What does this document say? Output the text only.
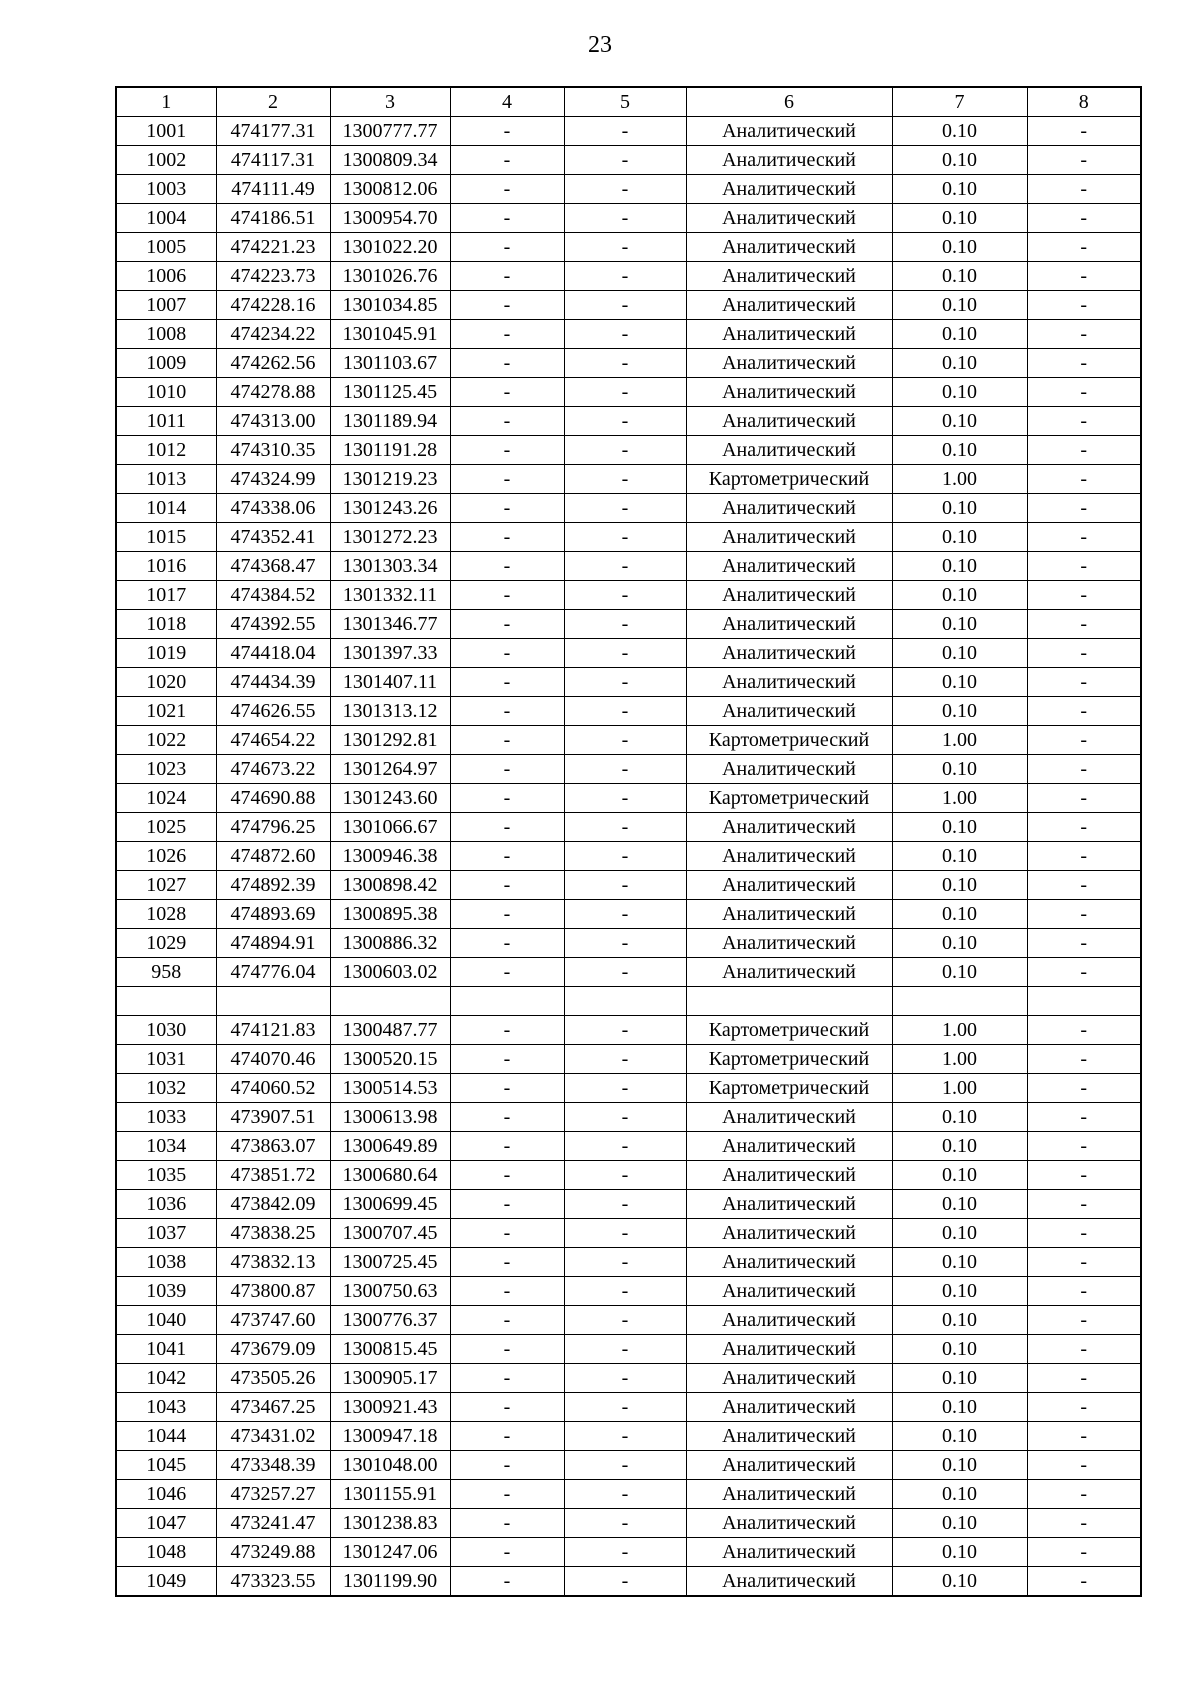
23
1	2	3	4	5	6	7	8
1001	474177.31	1300777.77	-	-	Аналитический	0.10	-
1002	474117.31	1300809.34	-	-	Аналитический	0.10	-
1003	474111.49	1300812.06	-	-	Аналитический	0.10	-
1004	474186.51	1300954.70	-	-	Аналитический	0.10	-
1005	474221.23	1301022.20	-	-	Аналитический	0.10	-
1006	474223.73	1301026.76	-	-	Аналитический	0.10	-
1007	474228.16	1301034.85	-	-	Аналитический	0.10	-
1008	474234.22	1301045.91	-	-	Аналитический	0.10	-
1009	474262.56	1301103.67	-	-	Аналитический	0.10	-
1010	474278.88	1301125.45	-	-	Аналитический	0.10	-
1011	474313.00	1301189.94	-	-	Аналитический	0.10	-
1012	474310.35	1301191.28	-	-	Аналитический	0.10	-
1013	474324.99	1301219.23	-	-	Картометрический	1.00	-
1014	474338.06	1301243.26	-	-	Аналитический	0.10	-
1015	474352.41	1301272.23	-	-	Аналитический	0.10	-
1016	474368.47	1301303.34	-	-	Аналитический	0.10	-
1017	474384.52	1301332.11	-	-	Аналитический	0.10	-
1018	474392.55	1301346.77	-	-	Аналитический	0.10	-
1019	474418.04	1301397.33	-	-	Аналитический	0.10	-
1020	474434.39	1301407.11	-	-	Аналитический	0.10	-
1021	474626.55	1301313.12	-	-	Аналитический	0.10	-
1022	474654.22	1301292.81	-	-	Картометрический	1.00	-
1023	474673.22	1301264.97	-	-	Аналитический	0.10	-
1024	474690.88	1301243.60	-	-	Картометрический	1.00	-
1025	474796.25	1301066.67	-	-	Аналитический	0.10	-
1026	474872.60	1300946.38	-	-	Аналитический	0.10	-
1027	474892.39	1300898.42	-	-	Аналитический	0.10	-
1028	474893.69	1300895.38	-	-	Аналитический	0.10	-
1029	474894.91	1300886.32	-	-	Аналитический	0.10	-
958	474776.04	1300603.02	-	-	Аналитический	0.10	-

1030	474121.83	1300487.77	-	-	Картометрический	1.00	-
1031	474070.46	1300520.15	-	-	Картометрический	1.00	-
1032	474060.52	1300514.53	-	-	Картометрический	1.00	-
1033	473907.51	1300613.98	-	-	Аналитический	0.10	-
1034	473863.07	1300649.89	-	-	Аналитический	0.10	-
1035	473851.72	1300680.64	-	-	Аналитический	0.10	-
1036	473842.09	1300699.45	-	-	Аналитический	0.10	-
1037	473838.25	1300707.45	-	-	Аналитический	0.10	-
1038	473832.13	1300725.45	-	-	Аналитический	0.10	-
1039	473800.87	1300750.63	-	-	Аналитический	0.10	-
1040	473747.60	1300776.37	-	-	Аналитический	0.10	-
1041	473679.09	1300815.45	-	-	Аналитический	0.10	-
1042	473505.26	1300905.17	-	-	Аналитический	0.10	-
1043	473467.25	1300921.43	-	-	Аналитический	0.10	-
1044	473431.02	1300947.18	-	-	Аналитический	0.10	-
1045	473348.39	1301048.00	-	-	Аналитический	0.10	-
1046	473257.27	1301155.91	-	-	Аналитический	0.10	-
1047	473241.47	1301238.83	-	-	Аналитический	0.10	-
1048	473249.88	1301247.06	-	-	Аналитический	0.10	-
1049	473323.55	1301199.90	-	-	Аналитический	0.10	-
